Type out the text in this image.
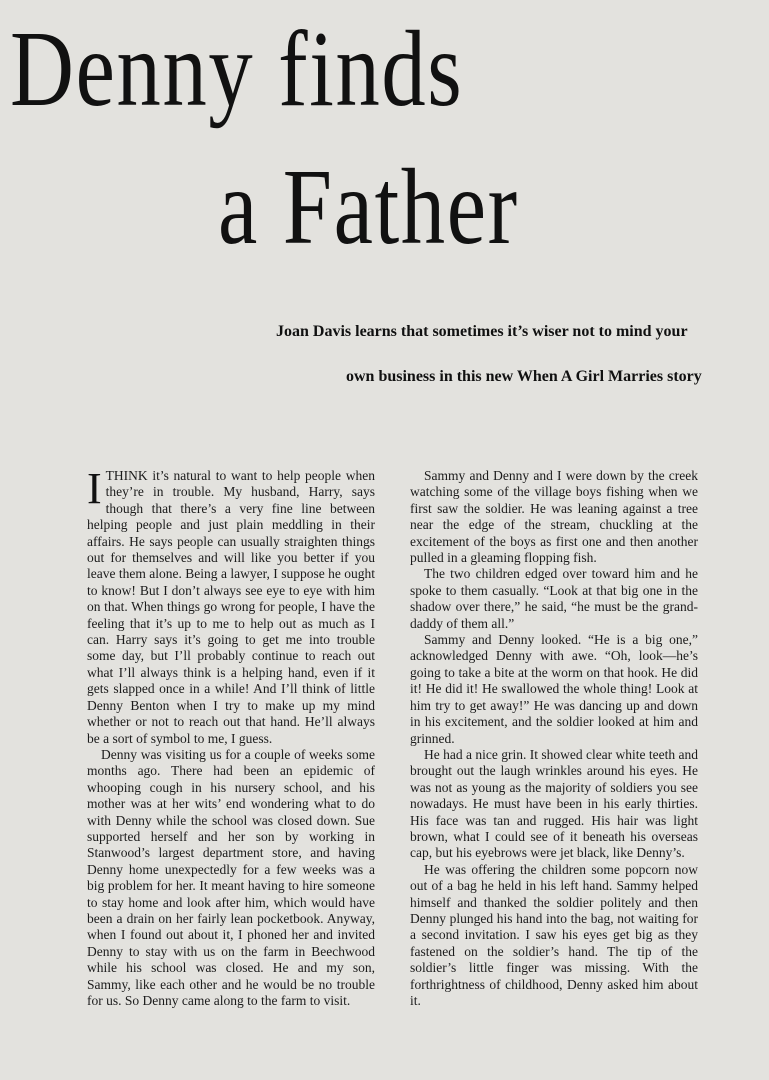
Denny finds
a Father

Joan Davis learns that sometimes it’s wiser not to mind your

own business in this new When A Girl Marries story

ITHINK it’s natural to want to help people when they’re in trouble. My husband, Harry, says though that there’s a very fine line between helping people and just plain meddling in their affairs. He says people can usually straighten things out for themselves and will like you better if you leave them alone. Being a lawyer, I suppose he ought to know! But I don’t always see eye to eye with him on that. When things go wrong for people, I have the feeling that it’s up to me to help out as much as I can. Harry says it’s going to get me into trouble some day, but I’ll probably continue to reach out what I’ll always think is a helping hand, even if it gets slapped once in a while! And I’ll think of little Denny Benton when I try to make up my mind whether or not to reach out that hand. He’ll always be a sort of symbol to me, I guess.

Denny was visiting us for a couple of weeks some months ago. There had been an epidemic of whooping cough in his nursery school, and his mother was at her wits’ end wondering what to do with Denny while the school was closed down. Sue supported herself and her son by working in Stanwood’s largest department store, and having Denny home unexpectedly for a few weeks was a big problem for her. It meant having to hire someone to stay home and look after him, which would have been a drain on her fairly lean pocketbook. Anyway, when I found out about it, I phoned her and invited Denny to stay with us on the farm in Beechwood while his school was closed. He and my son, Sammy, like each other and he would be no trouble for us. So Denny came along to the farm to visit.

Sammy and Denny and I were down by the creek watching some of the village boys fishing when we first saw the soldier. He was leaning against a tree near the edge of the stream, chuckling at the excitement of the boys as first one and then another pulled in a gleaming flopping fish.

The two children edged over toward him and he spoke to them casually. “Look at that big one in the shadow over there,” he said, “he must be the grand-daddy of them all.”

Sammy and Denny looked. “He is a big one,” acknowledged Denny with awe. “Oh, look—he’s going to take a bite at the worm on that hook. He did it! He did it! He swallowed the whole thing! Look at him try to get away!” He was dancing up and down in his excitement, and the soldier looked at him and grinned.

He had a nice grin. It showed clear white teeth and brought out the laugh wrinkles around his eyes. He was not as young as the majority of soldiers you see nowadays. He must have been in his early thirties. His face was tan and rugged. His hair was light brown, what I could see of it beneath his overseas cap, but his eyebrows were jet black, like Denny’s.

He was offering the children some popcorn now out of a bag he held in his left hand. Sammy helped himself and thanked the soldier politely and then Denny plunged his hand into the bag, not waiting for a second invitation. I saw his eyes get big as they fastened on the soldier’s hand. The tip of the soldier’s little finger was missing. With the forthrightness of childhood, Denny asked him about it.
